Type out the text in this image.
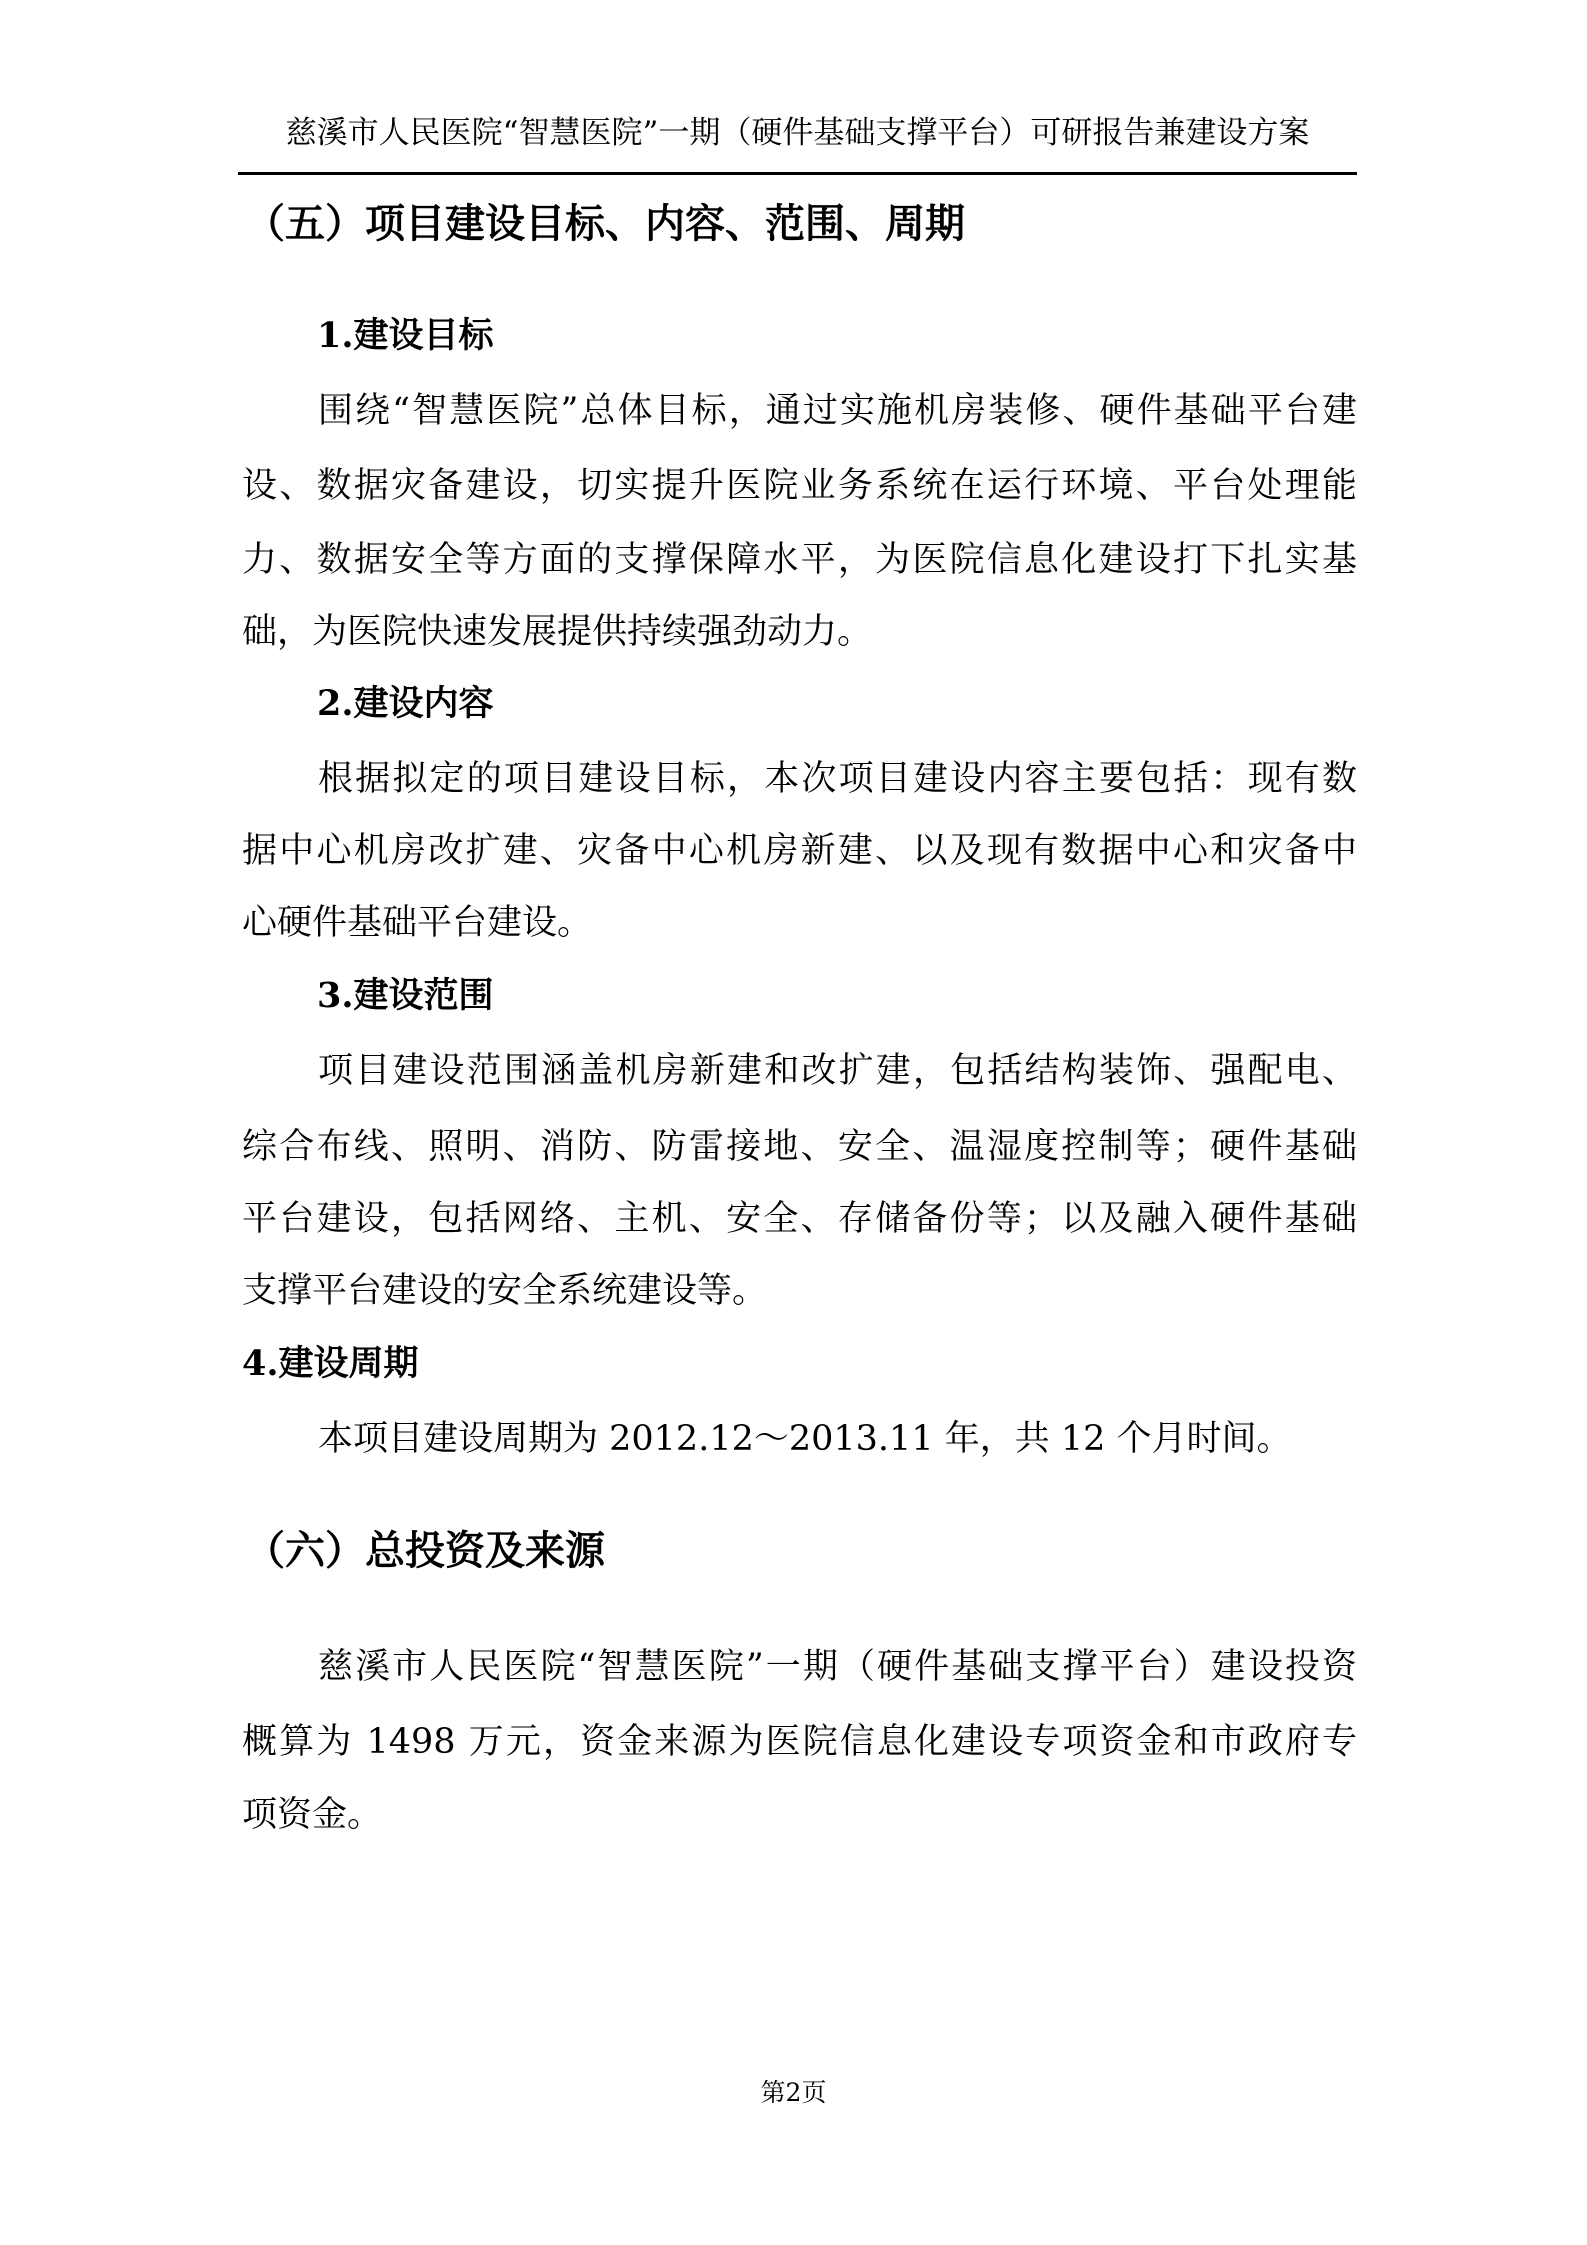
慈溪市人民医院“智慧医院”一期（硬件基础支撑平台）可研报告兼建设方案
（五）项目建设目标、内容、范围、周期
1.建设目标
围绕“智慧医院”总体目标，通过实施机房装修、硬件基础平台建
设、数据灾备建设，切实提升医院业务系统在运行环境、平台处理能
力、数据安全等方面的支撑保障水平，为医院信息化建设打下扎实基
础，为医院快速发展提供持续强劲动力。
2.建设内容
根据拟定的项目建设目标，本次项目建设内容主要包括：现有数
据中心机房改扩建、灾备中心机房新建、以及现有数据中心和灾备中
心硬件基础平台建设。
3.建设范围
项目建设范围涵盖机房新建和改扩建，包括结构装饰、强配电、
综合布线、照明、消防、防雷接地、安全、温湿度控制等；硬件基础
平台建设，包括网络、主机、安全、存储备份等；以及融入硬件基础
支撑平台建设的安全系统建设等。
4.建设周期
本项目建设周期为 2012.12～2013.11 年，共 12 个月时间。
（六）总投资及来源
慈溪市人民医院“智慧医院”一期（硬件基础支撑平台）建设投资
概算为 1498 万元，资金来源为医院信息化建设专项资金和市政府专
项资金。
第2页
